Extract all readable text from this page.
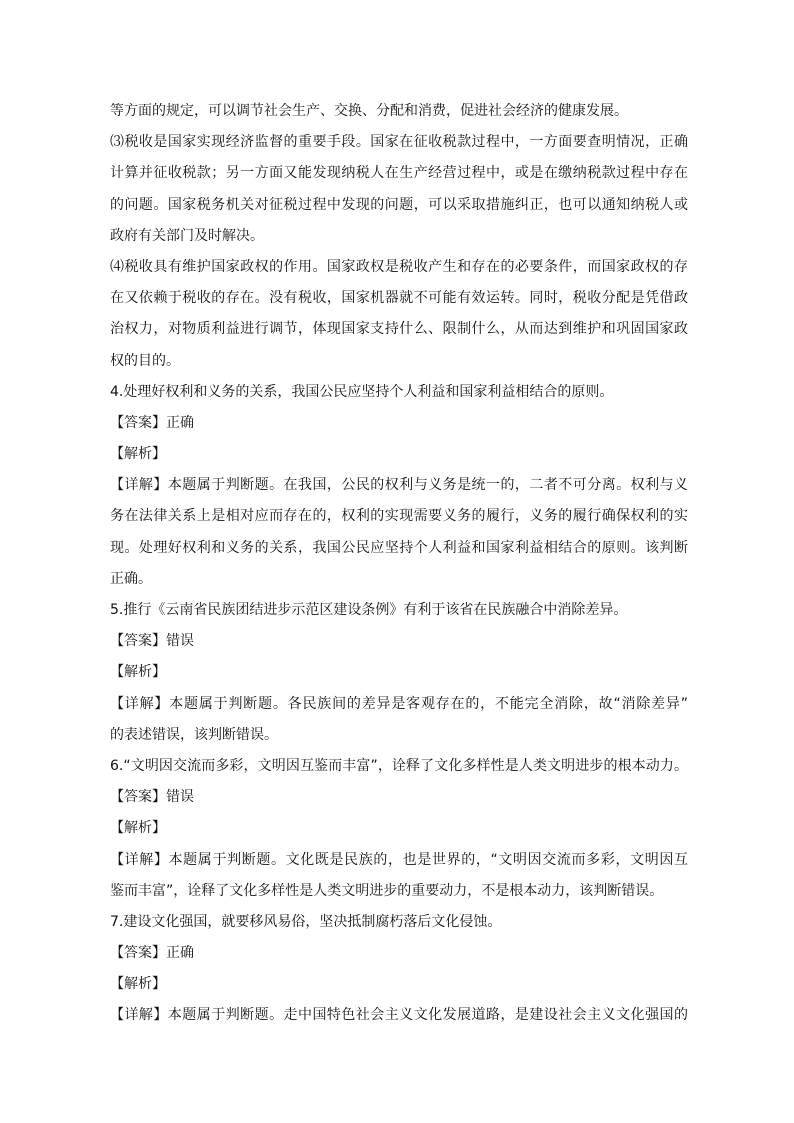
等方面的规定，可以调节社会生产、交换、分配和消费，促进社会经济的健康发展。
⑶税收是国家实现经济监督的重要手段。国家在征收税款过程中，一方面要查明情况，正确
计算并征收税款；另一方面又能发现纳税人在生产经营过程中，或是在缴纳税款过程中存在
的问题。国家税务机关对征税过程中发现的问题，可以采取措施纠正，也可以通知纳税人或
政府有关部门及时解决。
⑷税收具有维护国家政权的作用。国家政权是税收产生和存在的必要条件，而国家政权的存
在又依赖于税收的存在。没有税收，国家机器就不可能有效运转。同时，税收分配是凭借政
治权力，对物质利益进行调节，体现国家支持什么、限制什么，从而达到维护和巩固国家政
权的目的。
4.处理好权利和义务的关系，我国公民应坚持个人利益和国家利益相结合的原则。
【答案】正确
【解析】
【详解】本题属于判断题。在我国，公民的权利与义务是统一的，二者不可分离。权利与义
务在法律关系上是相对应而存在的，权利的实现需要义务的履行，义务的履行确保权利的实
现。处理好权利和义务的关系，我国公民应坚持个人利益和国家利益相结合的原则。该判断
正确。
5.推行《云南省民族团结进步示范区建设条例》有利于该省在民族融合中消除差异。
【答案】错误
【解析】
【详解】本题属于判断题。各民族间的差异是客观存在的，不能完全消除，故“消除差异”
的表述错误，该判断错误。
6.“文明因交流而多彩，文明因互鉴而丰富”，诠释了文化多样性是人类文明进步的根本动力。
【答案】错误
【解析】
【详解】本题属于判断题。文化既是民族的，也是世界的，“文明因交流而多彩，文明因互
鉴而丰富”，诠释了文化多样性是人类文明进步的重要动力，不是根本动力，该判断错误。
7.建设文化强国，就要移风易俗，坚决抵制腐朽落后文化侵蚀。
【答案】正确
【解析】
【详解】本题属于判断题。走中国特色社会主义文化发展道路，是建设社会主义文化强国的
